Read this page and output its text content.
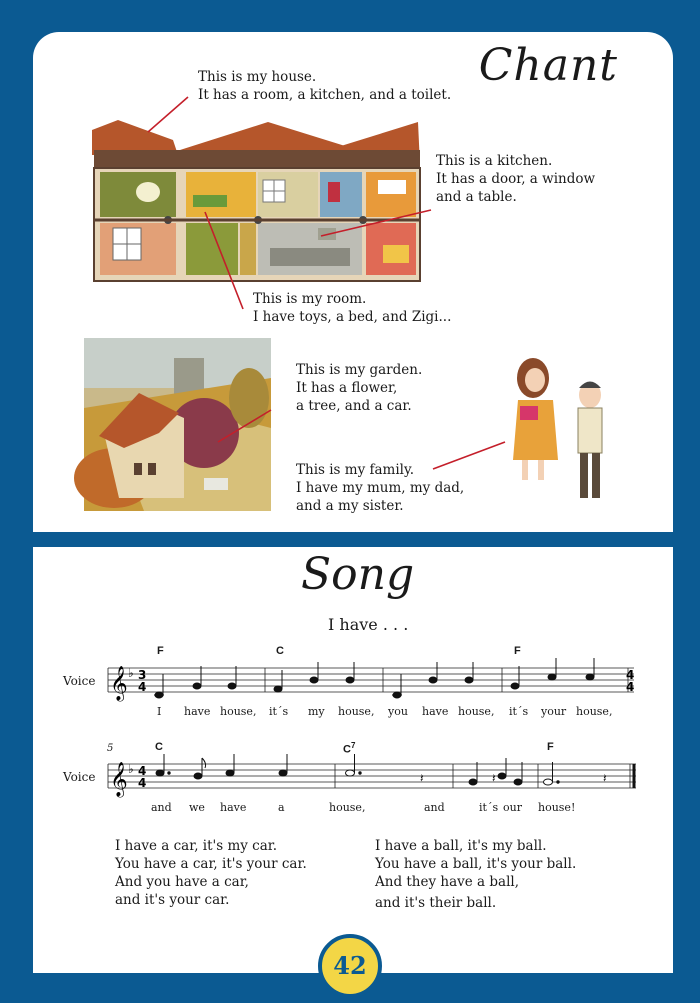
Chant
This is my house.
It has a room, a kitchen, and a toilet.
This is a kitchen.
It has a door, a window
and a table.
This is my room.
I have toys, a bed, and Zigi...
This is my garden.
It has a flower,
a tree, and a car.
This is my family.
I have my mum, my dad,
and a my sister.
Song
I have . . .
Voice
F	C	F
𝄞 ♭ 3
4
4
4
I have house, it´s my house, you have house, it´s your house,
5
Voice
C	$C^7$	F
𝄞 ♭ 4
4	𝄽	𝄽	𝄽
and we have	a	house,	and	it´s our house!
I have a car, it's my car.
You have a car, it's your car.
And you have a car,
and it's your car.
I have a ball, it's my ball.
You have a ball, it's your ball.
And they have a ball,
and it's their ball.
42
